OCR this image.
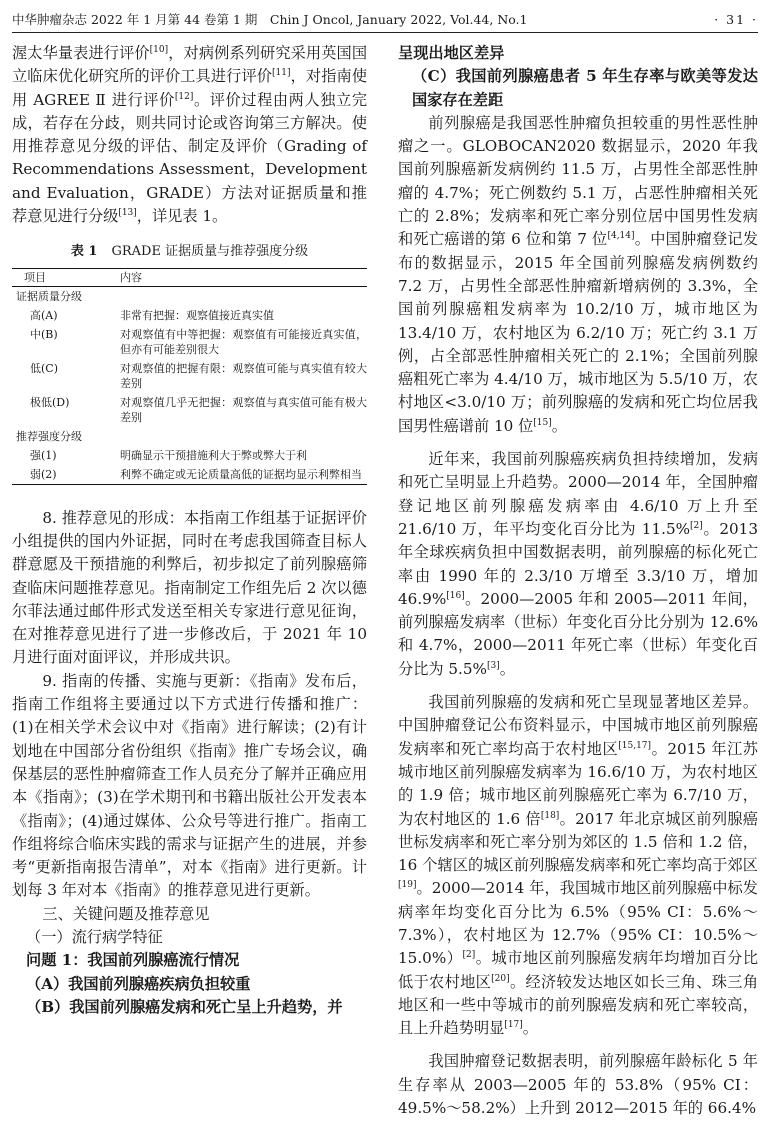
中华肿瘤杂志 2022 年 1 月第 44 卷第 1 期　Chin J Oncol, January 2022, Vol.44, No.1	· 31 ·

渥太华量表进行评价[10]，对病例系列研究采用英国国立临床优化研究所的评价工具进行评价[11]，对指南使用 AGREE Ⅱ 进行评价[12]。评价过程由两人独立完成，若存在分歧，则共同讨论或咨询第三方解决。使用推荐意见分级的评估、制定及评价（Grading of Recommendations Assessment，Development and Evaluation，GRADE）方法对证据质量和推荐意见进行分级[13]，详见表 1。

表 1 GRADE 证据质量与推荐强度分级
项目	内容
证据质量分级	
高(A)	非常有把握：观察值接近真实值
中(B)	对观察值有中等把握：观察值有可能接近真实值，但亦有可能差别很大
低(C)	对观察值的把握有限：观察值可能与真实值有较大差别
极低(D)	对观察值几乎无把握：观察值与真实值可能有极大差别
推荐强度分级	
强(1)	明确显示干预措施利大于弊或弊大于利
弱(2)	利弊不确定或无论质量高低的证据均显示利弊相当

8. 推荐意见的形成：本指南工作组基于证据评价小组提供的国内外证据，同时在考虑我国筛查目标人群意愿及干预措施的利弊后，初步拟定了前列腺癌筛查临床问题推荐意见。指南制定工作组先后 2 次以德尔菲法通过邮件形式发送至相关专家进行意见征询，在对推荐意见进行了进一步修改后，于 2021 年 10 月进行面对面评议，并形成共识。

9. 指南的传播、实施与更新：《指南》发布后，指南工作组将主要通过以下方式进行传播和推广：(1)在相关学术会议中对《指南》进行解读；(2)有计划地在中国部分省份组织《指南》推广专场会议，确保基层的恶性肿瘤筛查工作人员充分了解并正确应用本《指南》；(3)在学术期刊和书籍出版社公开发表本《指南》；(4)通过媒体、公众号等进行推广。指南工作组将综合临床实践的需求与证据产生的进展，并参考“更新指南报告清单”，对本《指南》进行更新。计划每 3 年对本《指南》的推荐意见进行更新。

三、关键问题及推荐意见

（一）流行病学特征

问题 1：我国前列腺癌流行情况

（A）我国前列腺癌疾病负担较重

（B）我国前列腺癌发病和死亡呈上升趋势，并

呈现出地区差异

（C）我国前列腺癌患者 5 年生存率与欧美等发达国家存在差距

前列腺癌是我国恶性肿瘤负担较重的男性恶性肿瘤之一。GLOBOCAN2020 数据显示，2020 年我国前列腺癌新发病例约 11.5 万，占男性全部恶性肿瘤的 4.7%；死亡例数约 5.1 万，占恶性肿瘤相关死亡的 2.8%；发病率和死亡率分别位居中国男性发病和死亡癌谱的第 6 位和第 7 位[4,14]。中国肿瘤登记发布的数据显示，2015 年全国前列腺癌发病例数约 7.2 万，占男性全部恶性肿瘤新增病例的 3.3%，全国前列腺癌粗发病率为 10.2/10 万，城市地区为 13.4/10 万，农村地区为 6.2/10 万；死亡约 3.1 万例，占全部恶性肿瘤相关死亡的 2.1%；全国前列腺癌粗死亡率为 4.4/10 万，城市地区为 5.5/10 万，农村地区<3.0/10 万；前列腺癌的发病和死亡均位居我国男性癌谱前 10 位[15]。

近年来，我国前列腺癌疾病负担持续增加，发病和死亡呈明显上升趋势。2000—2014 年，全国肿瘤登记地区前列腺癌发病率由 4.6/10 万上升至 21.6/10 万，年平均变化百分比为 11.5%[2]。2013 年全球疾病负担中国数据表明，前列腺癌的标化死亡率由 1990 年的 2.3/10 万增至 3.3/10 万，增加 46.9%[16]。2000—2005 年和 2005—2011 年间，前列腺癌发病率（世标）年变化百分比分别为 12.6% 和 4.7%，2000—2011 年死亡率（世标）年变化百分比为 5.5%[3]。

我国前列腺癌的发病和死亡呈现显著地区差异。中国肿瘤登记公布资料显示，中国城市地区前列腺癌发病率和死亡率均高于农村地区[15,17]。2015 年江苏城市地区前列腺癌发病率为 16.6/10 万，为农村地区的 1.9 倍；城市地区前列腺癌死亡率为 6.7/10 万，为农村地区的 1.6 倍[18]。2017 年北京城区前列腺癌世标发病率和死亡率分别为郊区的 1.5 倍和 1.2 倍，16 个辖区的城区前列腺癌发病率和死亡率均高于郊区[19]。2000—2014 年，我国城市地区前列腺癌中标发病率年均变化百分比为 6.5%（95% CI：5.6%～7.3%），农村地区为 12.7%（95% CI：10.5%～15.0%）[2]。城市地区前列腺癌发病年均增加百分比低于农村地区[20]。经济较发达地区如长三角、珠三角地区和一些中等城市的前列腺癌发病和死亡率较高，且上升趋势明显[17]。

我国肿瘤登记数据表明，前列腺癌年龄标化 5 年生存率从 2003—2005 年的 53.8%（95% CI：49.5%～58.2%）上升到 2012—2015 年的 66.4%
